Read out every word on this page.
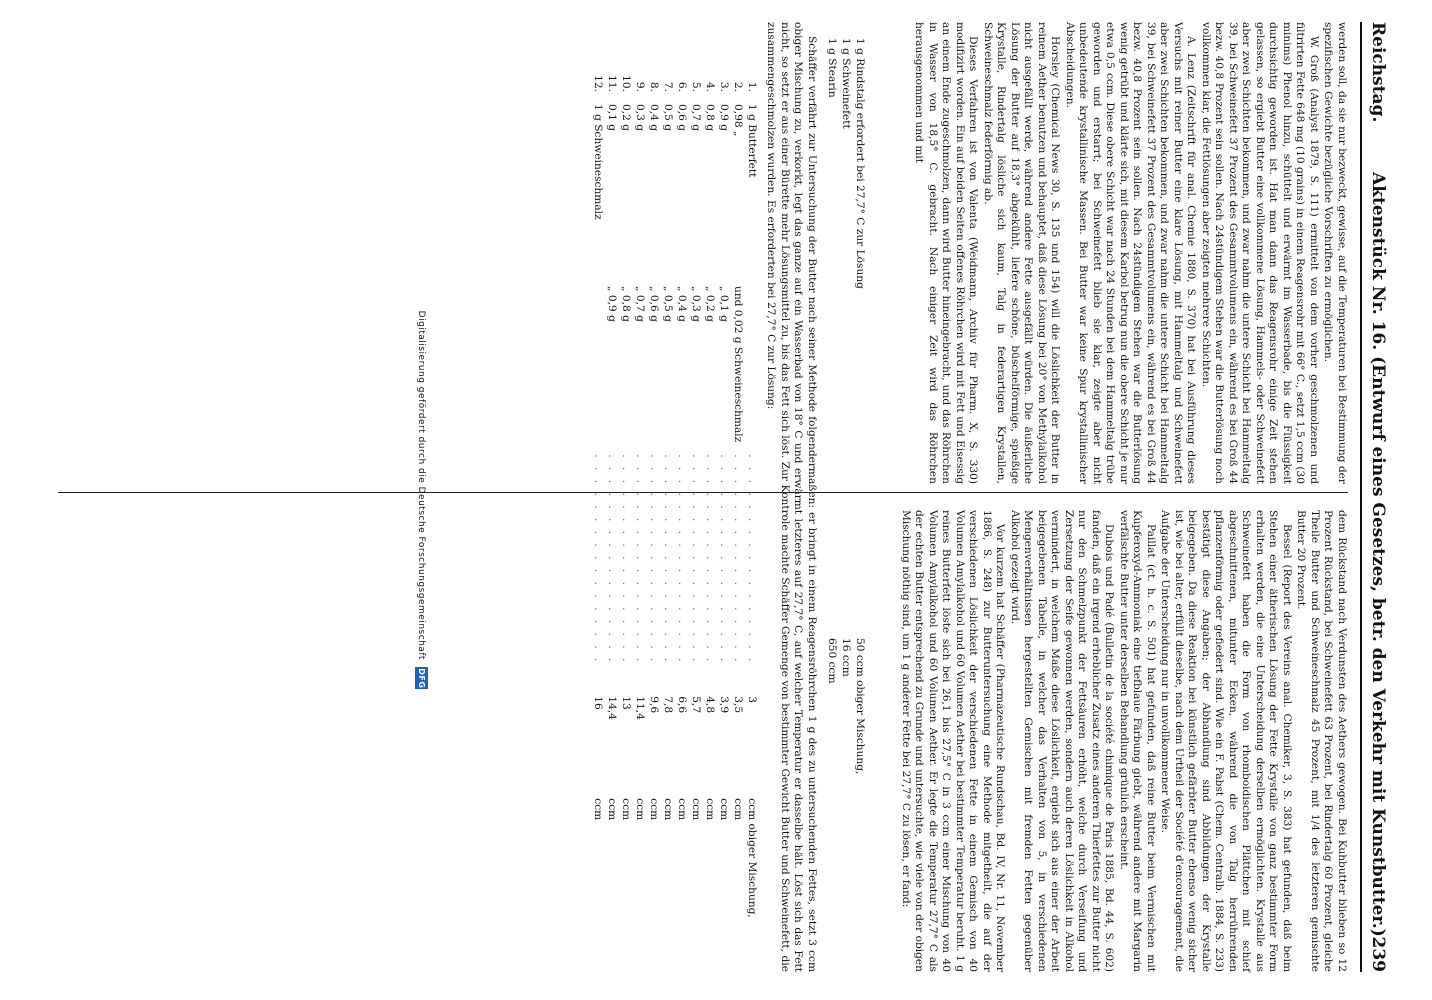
Reichstag.
Aktenstück Nr. 16. (Entwurf eines Gesetzes, betr. den Verkehr mit Kunstbutter.)
239

werden soll, da sie nur bezweckt, gewisse, auf die Temperaturen bei Bestimmung der spezifischen Gewichte bezügliche Vorschriften zu ermöglichen.

W. Groß (Analyst 1879, S. 111) ermittelt von dem vorher geschmolzenen und filtrirten Fette 648 mg (10 grains) in einem Reagensrohr mit 66° C., setzt 1,5 ccm (30 minims) Phenol hinzu, schüttelt und erwärmt im Wasserbade, bis die Flüssigkeit durchsichtig geworden ist. Hat man dann das Reagensrohr einige Zeit stehen gelassen, so ergiebt Butter eine vollkommene Lösung, Hammels- oder Schweinefett aber zwei Schichten bekommen, und zwar nahm die untere Schicht bei Hammeltalg 39, bei Schweinefett 37 Prozent des Gesammtvolumens ein, während es bei Groß 44 bezw. 40,8 Prozent sein sollen. Nach 24stündigem Stehen war die Butterlösung noch vollkommen klar, die Fettlösungen aber zeigten mehrere Schichten.

A. Lenz (Zeitschrift für anal. Chemie 1880, S. 370) hat bei Ausführung dieses Versuchs mit reiner Butter eine klare Lösung, mit Hammeltalg und Schweinefett aber zwei Schichten bekommen, und zwar nahm die untere Schicht bei Hammeltalg 39, bei Schweinefett 37 Prozent des Gesammtvolumens ein, während es bei Groß 44 bezw. 40,8 Prozent sein sollen. Nach 24stündigem Stehen war die Butterlösung wenig getrübt und klärte sich, mit diesem Karbol betrug nun die obere Schicht je nur etwa 0,5 ccm. Diese obere Schicht war nach 24 Stunden bei dem Hammeltalg trübe geworden und erstarrt; bei Schweinefett blieb sie klar, zeigte aber nicht unbedeutende krystallinische Massen. Bei Butter war keine Spur krystallinischer Abscheidungen.

Horsley (Chemical News 30, S. 135 und 154) will die Löslichkeit der Butter in reinem Aether benutzen und behauptet, daß diese Lösung bei 20° von Methylalkohol nicht ausgefällt werde, während andere Fette ausgefällt würden. Die äußerliche Lösung der Butter auf 18,3° abgekühlt, liefere schöne, büschelförmige, spießige Krystalle, Rindertalg lösliche sich kaum, Talg in federartigen Krystallen, Schweineschmalz federförmig ab.

Dieses Verfahren ist von Valenta (Weidmann, Archiv für Pharm. X, S. 330) modifizirt worden. Ein auf beiden Seiten offenes Röhrchen wird mit Fett und Eisessig an einem Ende zugeschmolzen, dann wird Butter hineingebracht, und das Röhrchen in Wasser von 18,5° C. gebracht. Nach einiger Zeit wird das Röhrchen herausgenommen und mit

dem Rückstand nach Verdunsten des Aethers gewogen. Bei Kuhbutter blieben so 12 Prozent Rückstand, bei Schweinefett 63 Prozent, bei Rindertalg 60 Prozent, gleiche Theile Butter und Schweineschmalz 45 Prozent, mit 1/4 des letzteren gemischte Butter 20 Prozent.

Bessel (Report des Vereins anal. Chemiker, 3, S. 383) hat gefunden, daß beim Stehen einer ätherischen Lösung der Fette Krystalle von ganz bestimmter Form erhalten werden, die eine Unterscheidung derselben ermöglichten. Krystalle aus Schweinefett haben die Form von rhomboidischen Plättchen mit schief abgeschnittenen, mitunter Ecken, während die von Talg herrührenden pflanzenförmig oder gefiedert sind. Wie ein F. Pabst (Chem. Centralb. 1884, S. 233) bestätigt diese Angaben; der Abhandlung sind Abbildungen der Krystalle beigegeben. Da diese Reaktion bei künstlich gefärbter Butter ebenso wenig sicher ist, wie bei alter, erfüllt dieselbe, nach dem Urtheil der Société d'encouragement, die Aufgabe der Unterscheidung nur in unvollkommener Weise.

Paillat (ct. h. c. S. 501) hat gefunden, daß reine Butter beim Vermischen mit Kupferoxyd-Ammoniak eine tiefblaue Färbung giebt, während andere mit Margarin verfälschte Butter unter derselben Behandlung grünlich erscheint.

Dubois und Padé (Bulletin de la société chimique de Paris 1885, Bd. 44, S. 602) fanden, daß ein irgend erheblicher Zusatz eines anderen Thierfettes zur Butter nicht nur den Schmelzpunkt der Fettsäuren erhöht, welche durch Verseifung und Zersetzung der Seife gewonnen werden, sondern auch deren Löslichkeit in Alkohol vermindert, in welchem Maße diese Löslichkeit, ergiebt sich aus einer der Arbeit beigegebenen Tabelle, in welcher das Verhalten von 5, in verschiedenen Mengenverhältnissen hergestellten Gemischen mit fremden Fetten gegenüber Alkohol gezeigt wird.

Vor kurzem hat Schäffer (Pharmazeutische Rundschau, Bd. IV, Nr. 11, November 1886, S. 248) zur Butteruntersuchung eine Methode mitgetheilt, die auf der verschiedenen Löslichkeit der verschiedenen Fette in einem Gemisch von 40 Volumen Amylalkohol und 60 Volumen Aether bei bestimmter Temperatur beruht. 1 g reines Butterfett löste sich bei 26,1 bis 27,5° C in 3 ccm einer Mischung von 40 Volumen Amylalkohol und 60 Volumen Aether. Er legte die Temperatur 27,7° C als der echten Butter entsprechend zu Grunde und untersuchte, wie viele von der obigen Mischung nöthig sind, um 1 g anderer Fette bei 27,7° C zu lösen, er fand:

1 g Rindstalg erfordert bei 27,7° C zur Lösung
50 ccm obiger Mischung,
1 g Schweinefett
16 ccm
1 g Stearin
650 ccm

Schäffer verfährt zur Untersuchung der Butter nach seiner Methode folgendermaßen: er bringt in einem Reagensröhrchen 1 g des zu untersuchenden Fettes, setzt 3 ccm obiger Mischung zu, verkorkt, legt das ganze auf ein Wasserbad von 18° C und erwärmt letzteres auf 27,7° C, auf welcher Temperatur er dasselbe hält. Löst sich das Fett nicht, so setzt er aus einer Bürette mehr Lösungsmittel zu, bis das Fett sich löst. Zur Kontrole machte Schäffer Gemenge von bestimmter Gewicht Butter und Schweinefett, die zusammengeschmolzen wurden. Es erforderten bei 27,7° C zur Lösung:

1.	1 g Butterfett		. . . . . . . . . . . . . . . . .	3	ccm obiger Mischung,
2.	0,98 „	und 0,02 g Schweineschmalz	. . . . . . . . . . . . . . . . .	3,5	ccm
3.	0,9 g	„ 0,1 g	. . . . . . . . . . . . . . . . .	3,9	ccm
4.	0,8 g	„ 0,2 g	. . . . . . . . . . . . . . . . .	4,8	ccm
5.	0,7 g	„ 0,3 g	. . . . . . . . . . . . . . . . .	5,7	ccm
6.	0,6 g	„ 0,4 g	. . . . . . . . . . . . . . . . .	6,6	ccm
7.	0,5 g	„ 0,5 g	. . . . . . . . . . . . . . . . .	7,8	ccm
8.	0,4 g	„ 0,6 g	. . . . . . . . . . . . . . . . .	9,6	ccm
9.	0,3 g	„ 0,7 g	. . . . . . . . . . . . . . . . .	11,4	ccm
10.	0,2 g	„ 0,8 g	. . . . . . . . . . . . . . . . .	13	ccm
11.	0,1 g	„ 0,9 g	. . . . . . . . . . . . . . . . .	14,4	ccm
12.	1 g Schweineschmalz		. . . . . . . . . . . . . . . . .	16	ccm
Digitalisierung gefördert durch die Deutsche Forschungsgemeinschaft DFG
